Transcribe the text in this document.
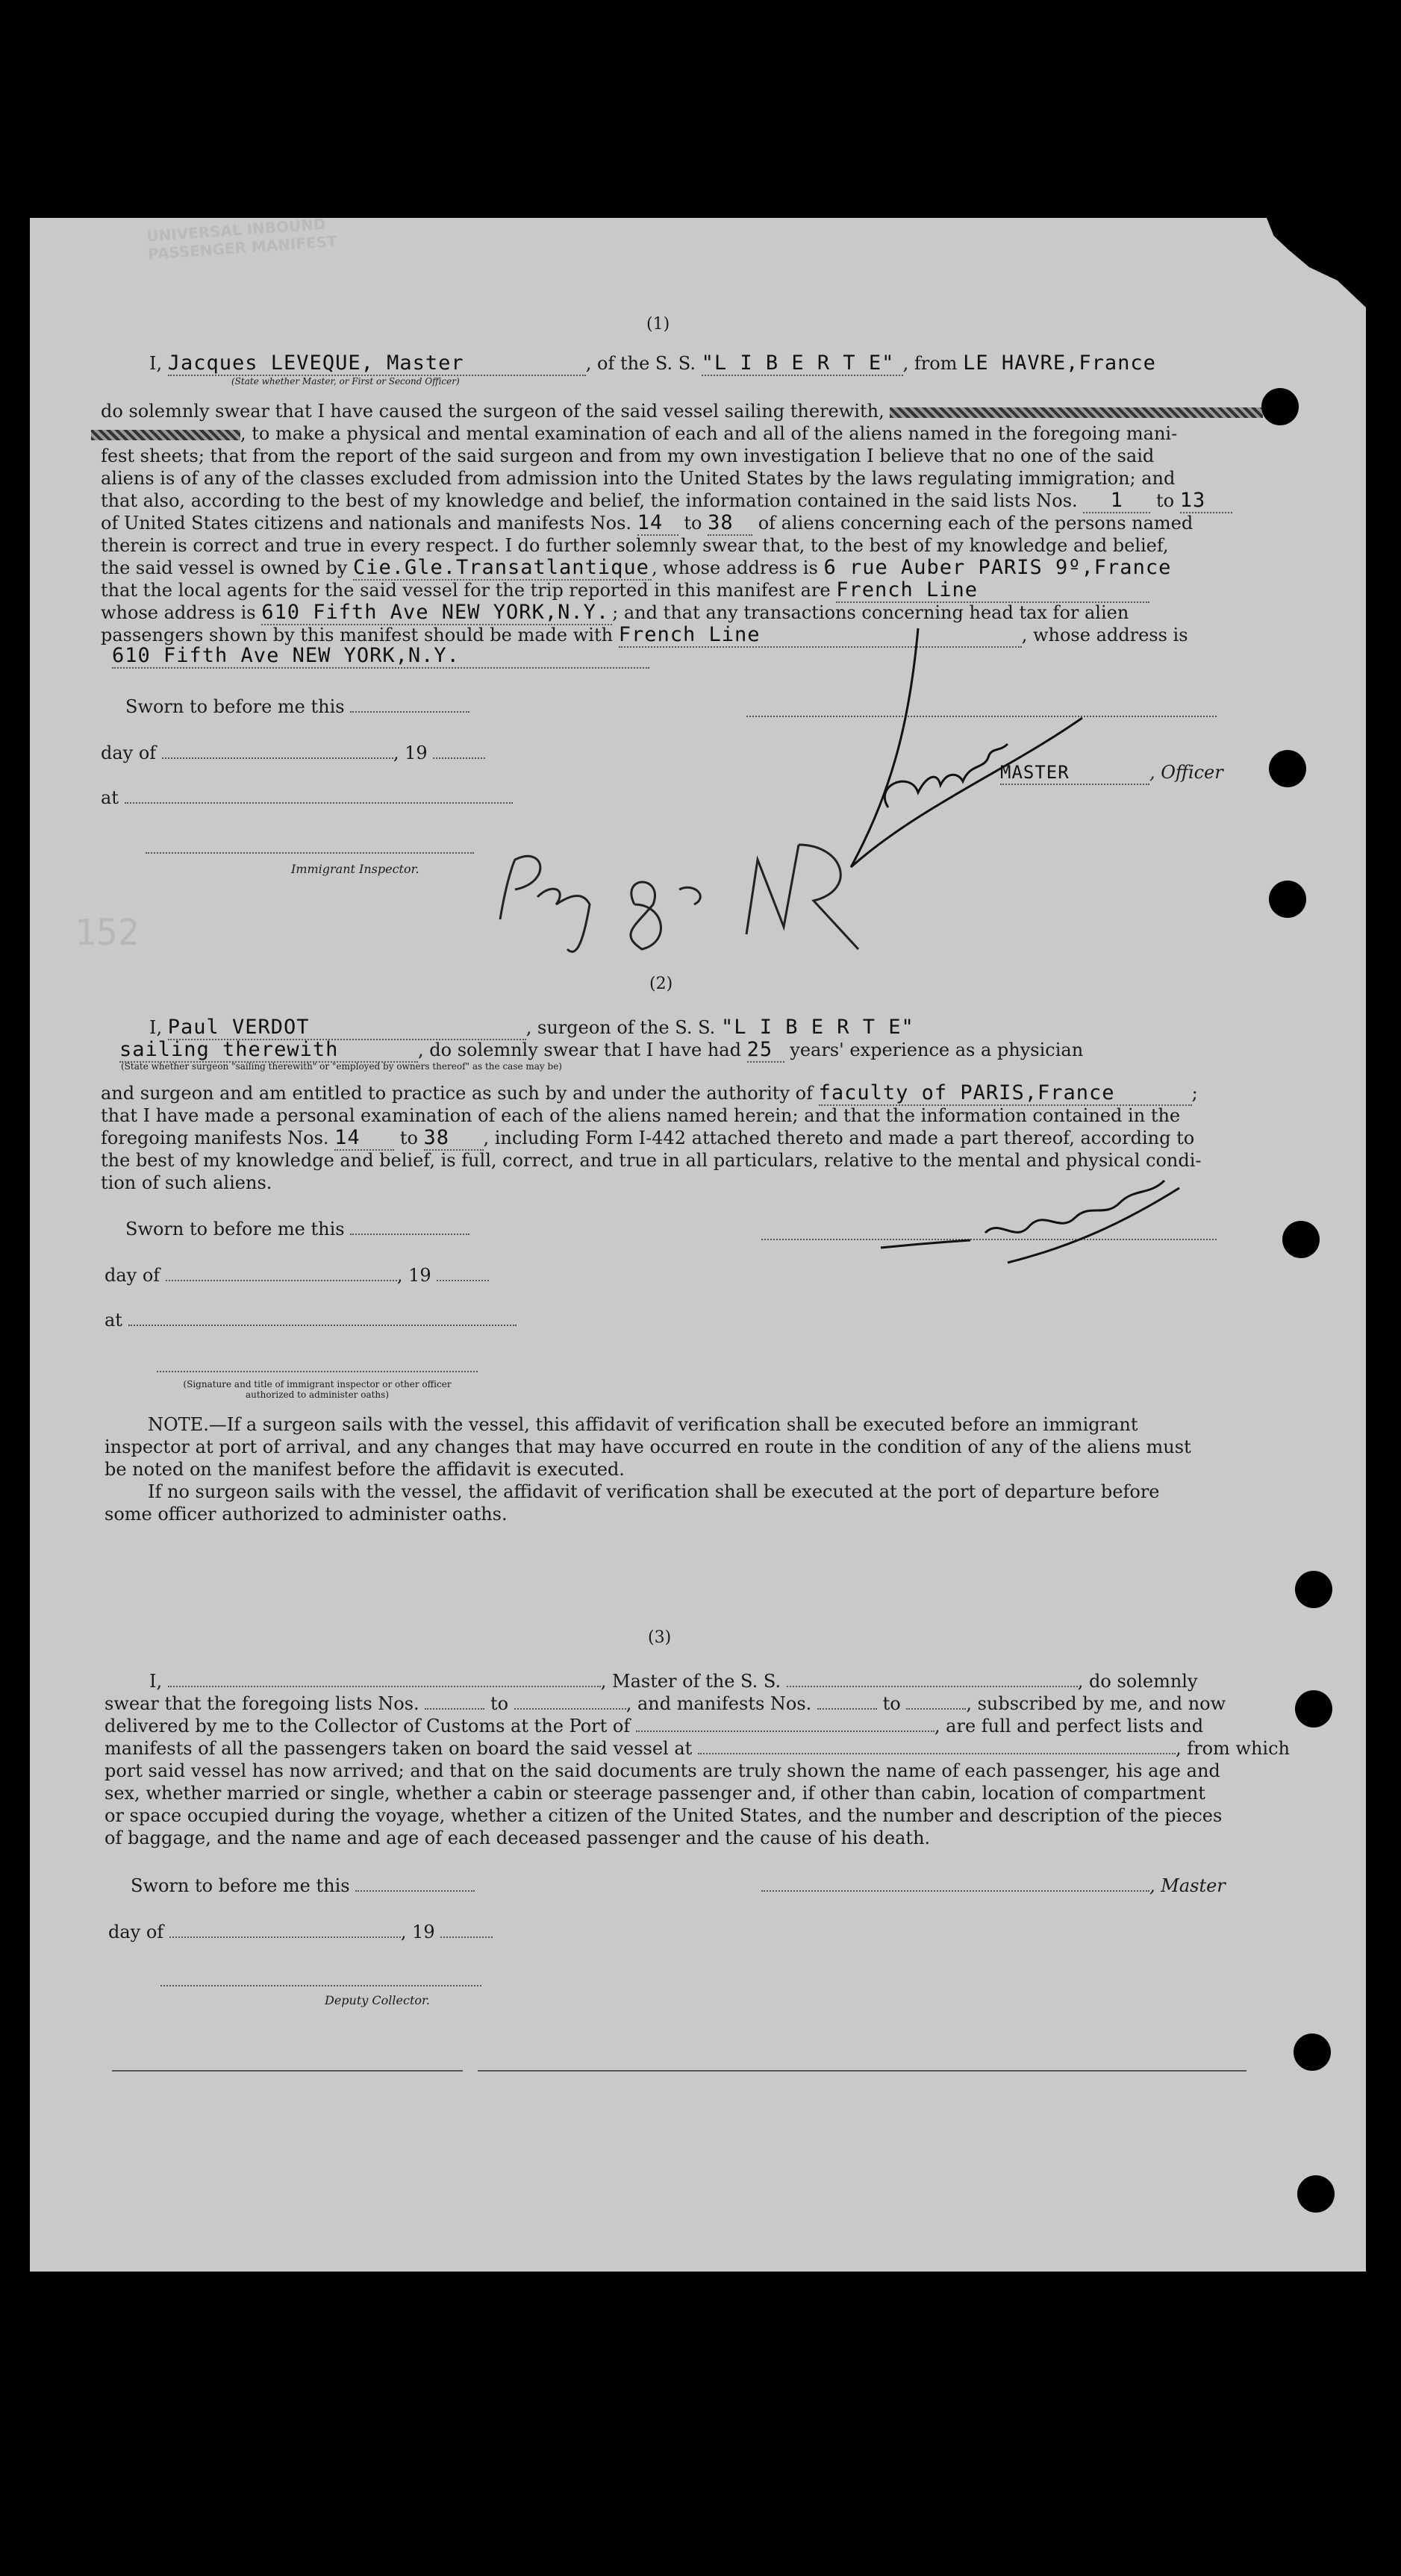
UNIVERSAL INBOUND PASSENGER MANIFEST
152
(1)
I, Jacques LEVEQUE, Master	, of the S. S. "L I B E R T E" , from LE HAVRE,France
(State whether Master, or First or Second Officer)
do solemnly swear that I have caused the surgeon of the said vessel sailing therewith,
, to make a physical and mental examination of each and all of the aliens named in the foregoing mani-
fest sheets; that from the report of the said surgeon and from my own investigation I believe that no one of the said
aliens is of any of the classes excluded from admission into the United States by the laws regulating immigration; and
that also, according to the best of my knowledge and belief, the information contained in the said lists Nos. 1 to 13
of United States citizens and nationals and manifests Nos. 14 to 38 of aliens concerning each of the persons named
therein is correct and true in every respect. I do further solemnly swear that, to the best of my knowledge and belief,
the said vessel is owned by Cie.Gle.Transatlantique , whose address is 6 rue Auber PARIS 9º,France
that the local agents for the said vessel for the trip reported in this manifest are French Line
whose address is 610 Fifth Ave NEW YORK,N.Y. ; and that any transactions concerning head tax for alien
passengers shown by this manifest should be made with French Line	, whose address is
610 Fifth Ave NEW YORK,N.Y.
Sworn to before me this
day of	, 19
at
Immigrant Inspector.
MASTER	, Officer
(2)
I, Paul VERDOT	, surgeon of the S. S. "L I B E R T E"
sailing therewith	, do solemnly swear that I have had 25 years' experience as a physician
(State whether surgeon "sailing therewith" or "employed by owners thereof" as the case may be)
and surgeon and am entitled to practice as such by and under the authority of faculty of PARIS,France	;
that I have made a personal examination of each of the aliens named herein; and that the information contained in the
foregoing manifests Nos. 14 to 38 , including Form I-442 attached thereto and made a part thereof, according to
the best of my knowledge and belief, is full, correct, and true in all particulars, relative to the mental and physical condi-
tion of such aliens.
Sworn to before me this
day of	, 19
at
(Signature and title of immigrant inspector or other officer authorized to administer oaths)
NOTE.—If a surgeon sails with the vessel, this affidavit of verification shall be executed before an immigrant
inspector at port of arrival, and any changes that may have occurred en route in the condition of any of the aliens must
be noted on the manifest before the affidavit is executed.
If no surgeon sails with the vessel, the affidavit of verification shall be executed at the port of departure before
some officer authorized to administer oaths.
(3)
I,	, Master of the S. S.	, do solemnly
swear that the foregoing lists Nos.	to	, and manifests Nos.	to	, subscribed by me, and now
delivered by me to the Collector of Customs at the Port of	, are full and perfect lists and
manifests of all the passengers taken on board the said vessel at	, from which
port said vessel has now arrived; and that on the said documents are truly shown the name of each passenger, his age and
sex, whether married or single, whether a cabin or steerage passenger and, if other than cabin, location of compartment
or space occupied during the voyage, whether a citizen of the United States, and the number and description of the pieces
of baggage, and the name and age of each deceased passenger and the cause of his death.
Sworn to before me this	, Master
day of	, 19
Deputy Collector.
